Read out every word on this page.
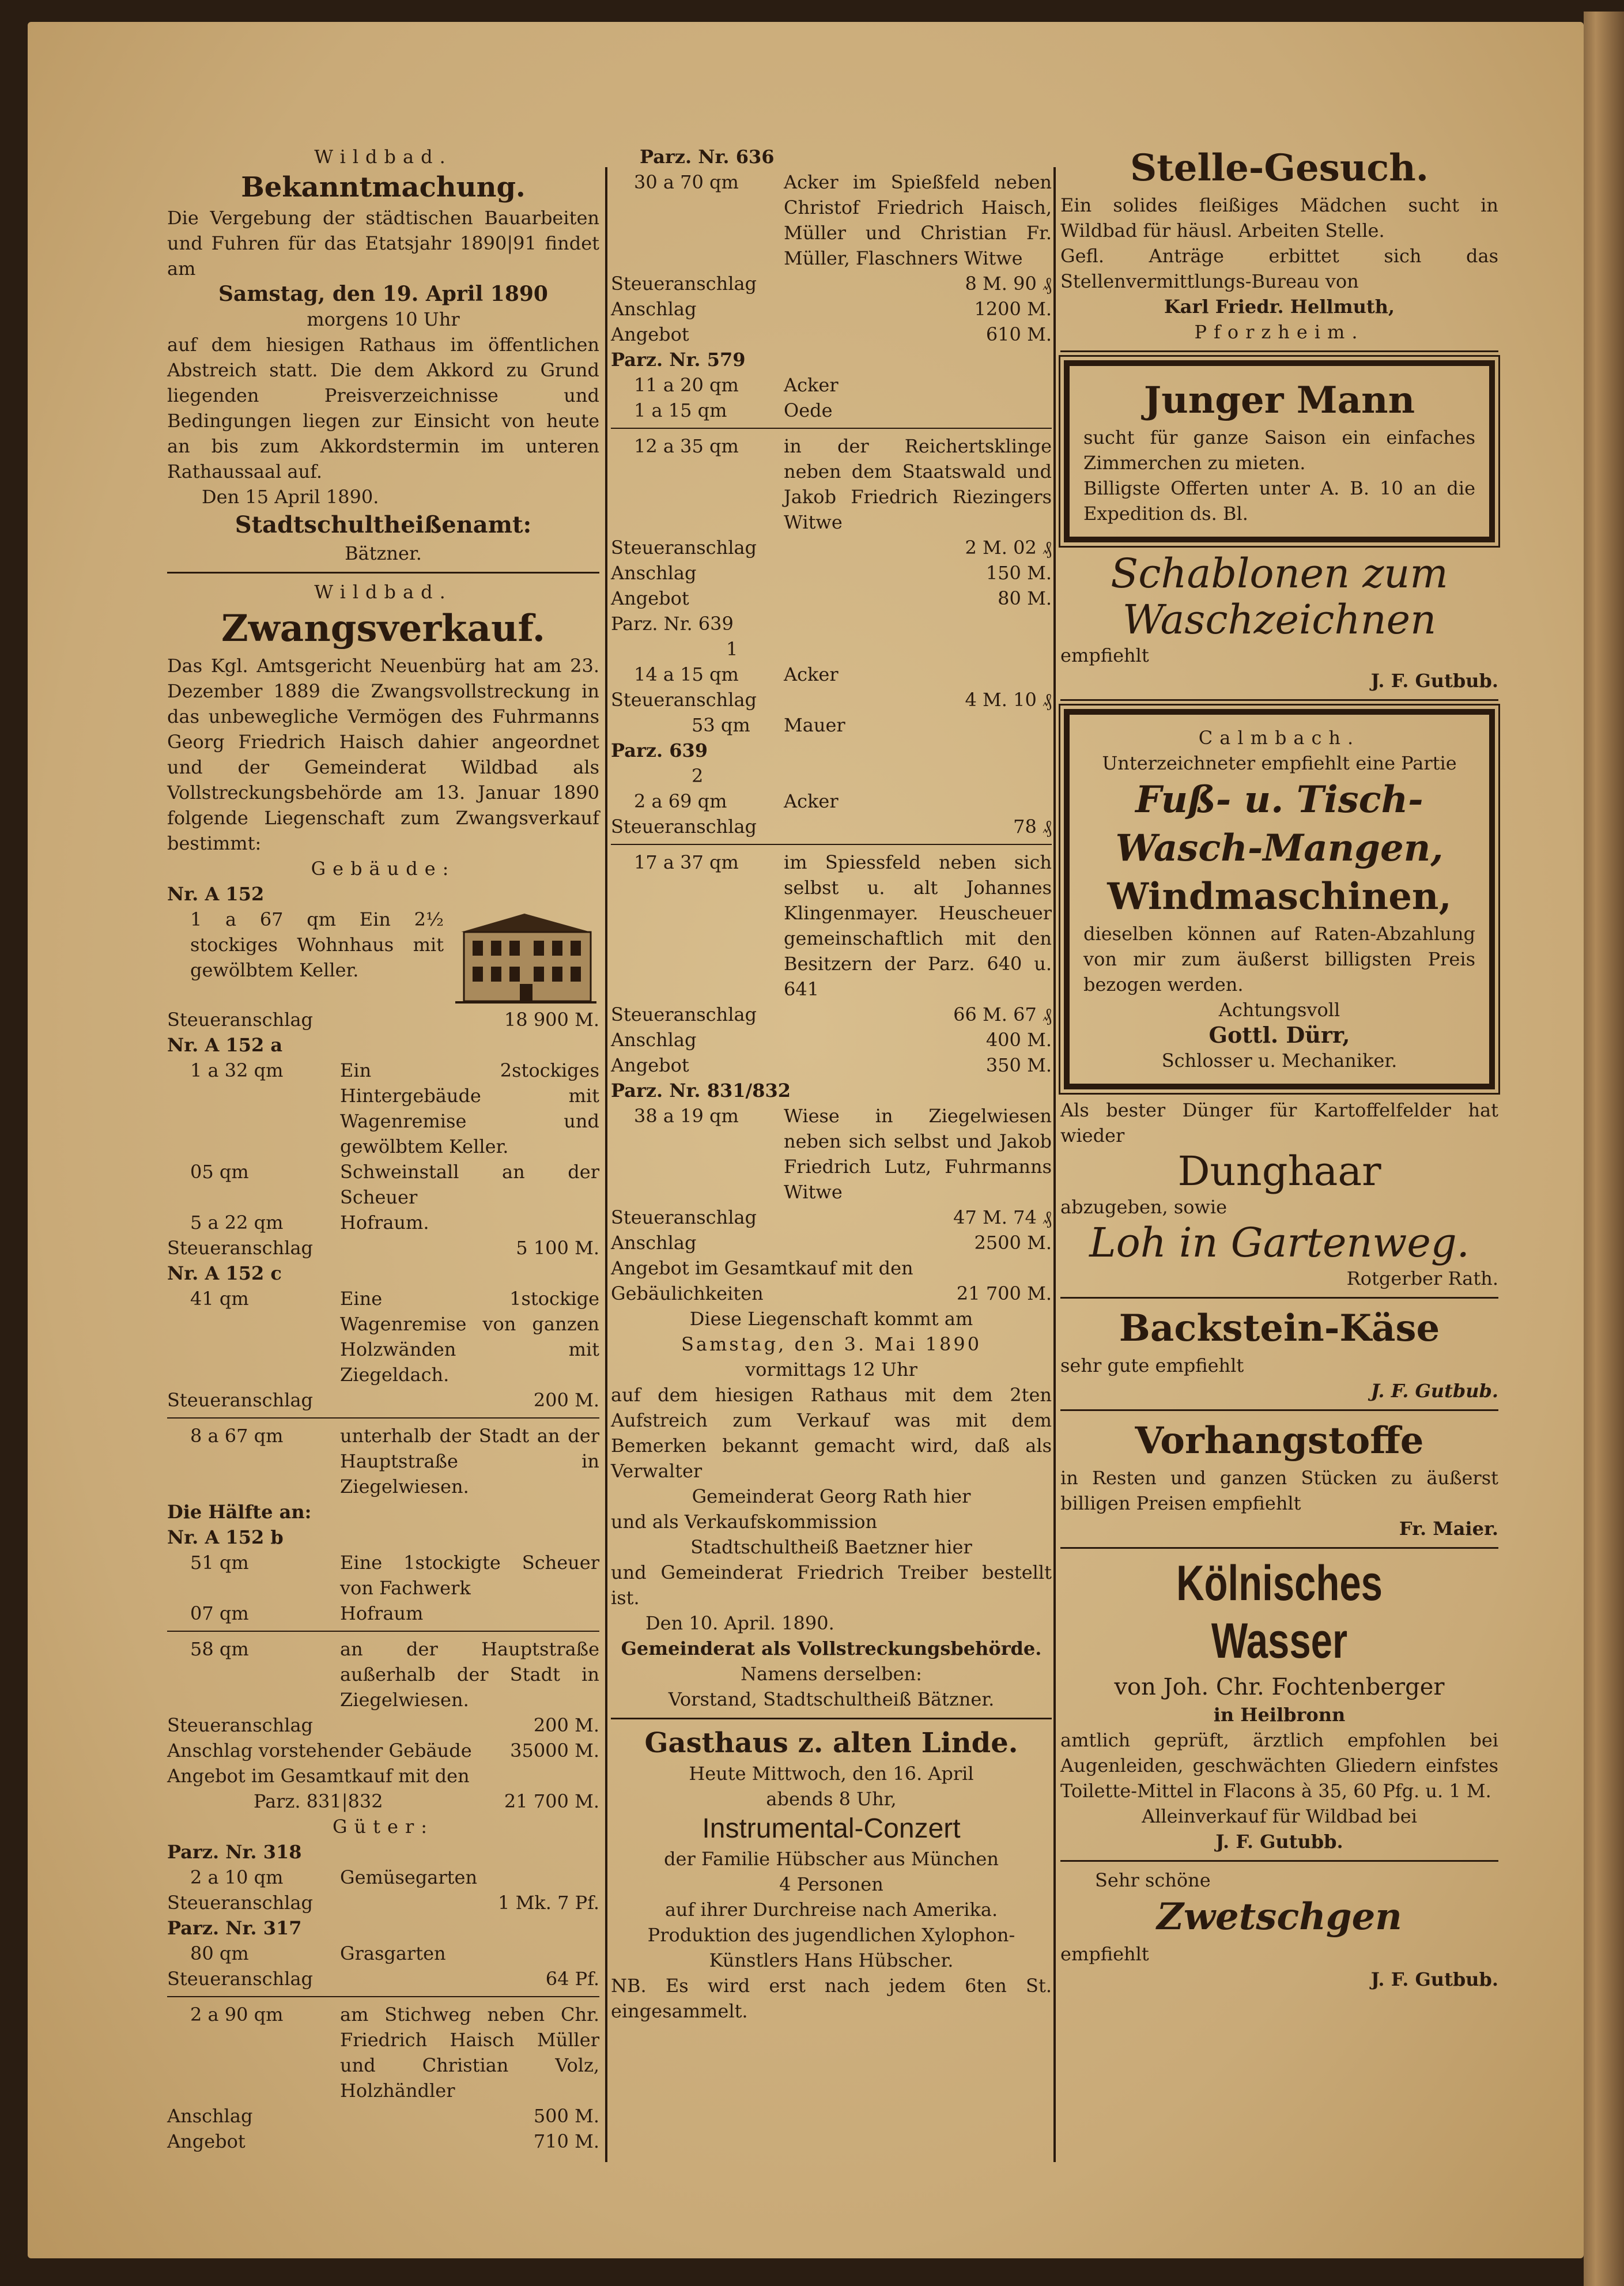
Wildbad.

Bekanntmachung.

Die Vergebung der städtischen Bauarbeiten und Fuhren für das Etatsjahr 1890|91 findet am

Samstag, den 19. April 1890

morgens 10 Uhr

auf dem hiesigen Rathaus im öffentlichen Abstreich statt. Die dem Akkord zu Grund liegenden Preisverzeichnisse und Bedingungen liegen zur Einsicht von heute an bis zum Akkordstermin im unteren Rathaussaal auf.

Den 15 April 1890.

Stadtschultheißenamt:

Bätzner.

Wildbad.

Zwangsverkauf.

Das Kgl. Amtsgericht Neuenbürg hat am 23. Dezember 1889 die Zwangsvollstreckung in das unbewegliche Vermögen des Fuhrmanns Georg Friedrich Haisch dahier angeordnet und der Gemeinderat Wildbad als Vollstreckungsbehörde am 13. Januar 1890 folgende Liegenschaft zum Zwangsverkauf bestimmt:

Gebäude:

Nr. A 152

1 a 67 qm Ein 2½ stockiges Wohnhaus mit gewölbtem Keller.

Steueranschlag	18 900 M.

Nr. A 152 a

1 a 32 qm	Ein 2stockiges Hintergebäude mit Wagenremise und gewölbtem Keller.
05 qm	Schweinstall an der Scheuer
5 a 22 qm	Hofraum.
Steueranschlag	5 100 M.

Nr. A 152 c

41 qm	Eine 1stockige Wagenremise von ganzen Holzwänden mit Ziegeldach.
Steueranschlag	200 M.
8 a 67 qm	unterhalb der Stadt an der Hauptstraße in Ziegelwiesen.

Die Hälfte an:

Nr. A 152 b

51 qm	Eine 1stockigte Scheuer von Fachwerk
07 qm	Hofraum
58 qm	an der Hauptstraße außerhalb der Stadt in Ziegelwiesen.
Steueranschlag	200 M.
Anschlag vorstehender Gebäude	35000 M.

Angebot im Gesamtkauf mit den

Parz. 831|832	21 700 M.

Güter:

Parz. Nr. 318

2 a 10 qm	Gemüsegarten
Steueranschlag	1 Mk. 7 Pf.

Parz. Nr. 317

80 qm	Grasgarten
Steueranschlag	64 Pf.
2 a 90 qm	am Stichweg neben Chr. Friedrich Haisch Müller und Christian Volz, Holzhändler
Anschlag	500 M.
Angebot	710 M.

Parz. Nr. 636

30 a 70 qm	Acker im Spießfeld neben Christof Friedrich Haisch, Müller und Christian Fr. Müller, Flaschners Witwe
Steueranschlag	8 M. 90 ₰
Anschlag	1200 M.
Angebot	610 M.

Parz. Nr. 579

11 a 20 qm	Acker
1 a 15 qm	Oede
12 a 35 qm	in der Reichertsklinge neben dem Staatswald und Jakob Friedrich Riezingers Witwe
Steueranschlag	2 M. 02 ₰
Anschlag	150 M.
Angebot	80 M.

Parz. Nr. 639

1

14 a 15 qm	Acker
Steueranschlag	4 M. 10 ₰
53 qm	Mauer

Parz. 639

2

2 a 69 qm	Acker
Steueranschlag	78 ₰
17 a 37 qm	im Spiessfeld neben sich selbst u. alt Johannes Klingenmayer. Heuscheuer gemeinschaftlich mit den Besitzern der Parz. 640 u. 641
Steueranschlag	66 M. 67 ₰
Anschlag	400 M.
Angebot	350 M.

Parz. Nr. 831/832

38 a 19 qm	Wiese in Ziegelwiesen neben sich selbst und Jakob Friedrich Lutz, Fuhrmanns Witwe
Steueranschlag	47 M. 74 ₰
Anschlag	2500 M.
Angebot im Gesamtkauf mit den Gebäulichkeiten	21 700 M.

Diese Liegenschaft kommt am

Samstag, den 3. Mai 1890

vormittags 12 Uhr

auf dem hiesigen Rathaus mit dem 2ten Aufstreich zum Verkauf was mit dem Bemerken bekannt gemacht wird, daß als Verwalter

Gemeinderat Georg Rath hier

und als Verkaufskommission

Stadtschultheiß Baetzner hier

und Gemeinderat Friedrich Treiber bestellt ist.

Den 10. April. 1890.

Gemeinderat als Vollstreckungsbehörde.

Namens derselben:

Vorstand, Stadtschultheiß Bätzner.

Gasthaus z. alten Linde.

Heute Mittwoch, den 16. April

abends 8 Uhr,

Instrumental-Conzert

der Familie Hübscher aus München

4 Personen

auf ihrer Durchreise nach Amerika.

Produktion des jugendlichen Xylophon-Künstlers Hans Hübscher.

NB. Es wird erst nach jedem 6ten St. eingesammelt.

Stelle-Gesuch.

Ein solides fleißiges Mädchen sucht in Wildbad für häusl. Arbeiten Stelle.

Gefl. Anträge erbittet sich das Stellenvermittlungs-Bureau von

Karl Friedr. Hellmuth,

Pforzheim.

Junger Mann

sucht für ganze Saison ein einfaches Zimmerchen zu mieten.

Billigste Offerten unter A. B. 10 an die Expedition ds. Bl.

Schablonen zum

Waschzeichnen

empfiehlt

J. F. Gutbub.

Calmbach.

Unterzeichneter empfiehlt eine Partie

Fuß- u. Tisch-

Wasch-Mangen,

Windmaschinen,

dieselben können auf Raten-Abzahlung von mir zum äußerst billigsten Preis bezogen werden.

Achtungsvoll

Gottl. Dürr,

Schlosser u. Mechaniker.

Als bester Dünger für Kartoffelfelder hat wieder

Dunghaar

abzugeben, sowie

Loh in Gartenweg.

Rotgerber Rath.

Backstein-Käse

sehr gute empfiehlt

J. F. Gutbub.

Vorhangstoffe

in Resten und ganzen Stücken zu äußerst billigen Preisen empfiehlt

Fr. Maier.

Kölnisches Wasser

von Joh. Chr. Fochtenberger

in Heilbronn

amtlich geprüft, ärztlich empfohlen bei Augenleiden, geschwächten Gliedern einfstes Toilette-Mittel in Flacons à 35, 60 Pfg. u. 1 M.

Alleinverkauf für Wildbad bei

J. F. Gutubb.

Sehr schöne

Zwetschgen

empfiehlt

J. F. Gutbub.
